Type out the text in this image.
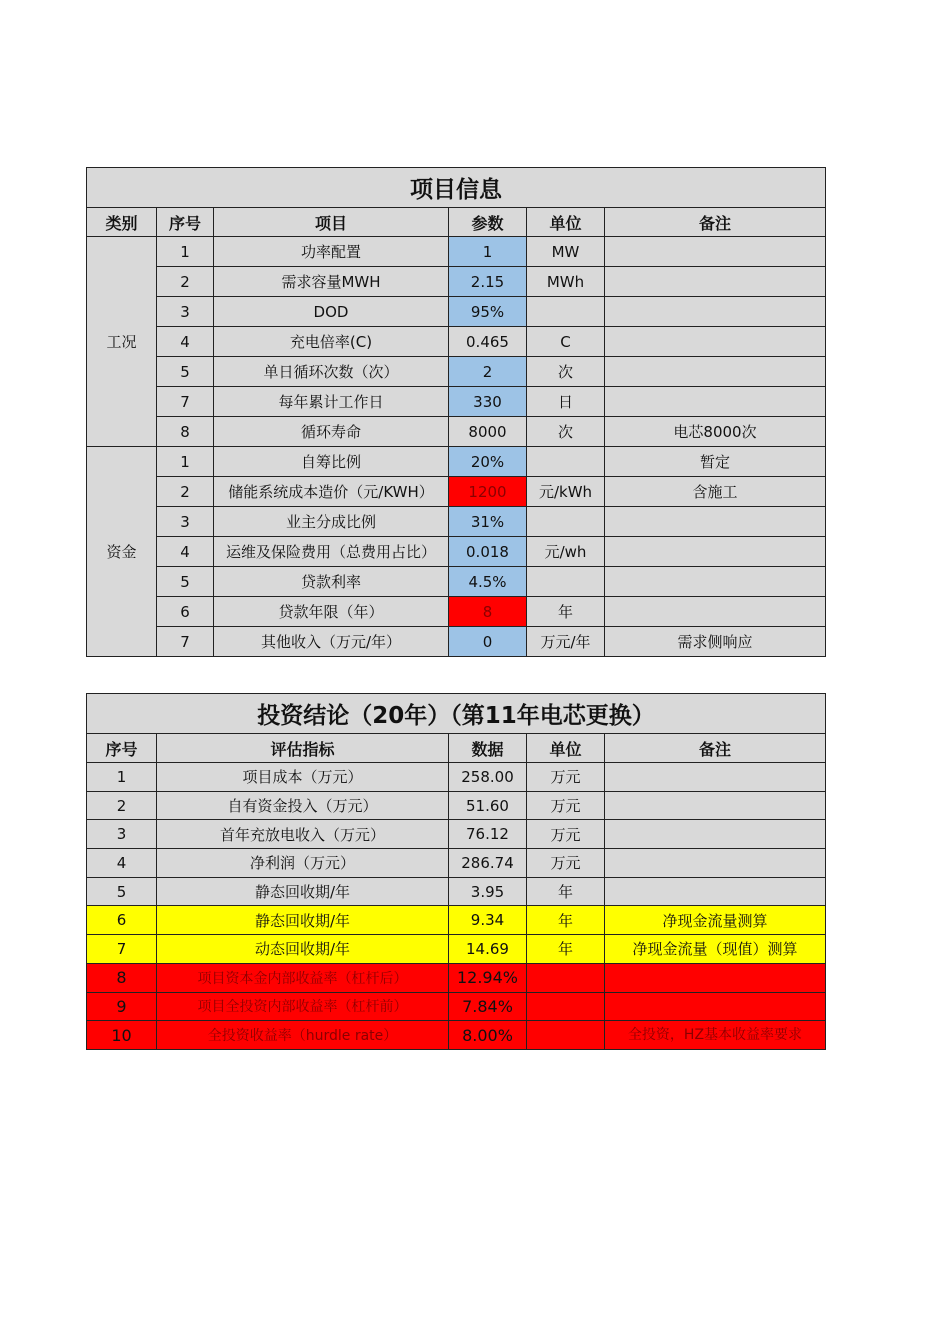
项目信息					
类别	序号	项目	参数	单位	备注
工况	1	功率配置	1	MW	
	2	需求容量MWH	2.15	MWh	
	3	DOD	95%		
	4	充电倍率(C)	0.465	C	
	5	单日循环次数（次）	2	次	
	7	每年累计工作日	330	日	
	8	循环寿命	8000	次	电芯8000次
资金	1	自筹比例	20%		暂定
	2	储能系统成本造价（元/KWH）	1200	元/kWh	含施工
	3	业主分成比例	31%		
	4	运维及保险费用（总费用占比）	0.018	元/wh	
	5	贷款利率	4.5%		
	6	贷款年限（年）	8	年	
	7	其他收入（万元/年）	0	万元/年	需求侧响应
投资结论（20年）（第11年电芯更换）				
序号	评估指标	数据	单位	备注
1	项目成本（万元）	258.00	万元	
2	自有资金投入（万元）	51.60	万元	
3	首年充放电收入（万元）	76.12	万元	
4	净利润（万元）	286.74	万元	
5	静态回收期/年	3.95	年	
6	静态回收期/年	9.34	年	净现金流量测算
7	动态回收期/年	14.69	年	净现金流量（现值）测算
8	项目资本金内部收益率（杠杆后）	12.94%		
9	项目全投资内部收益率（杠杆前）	7.84%		
10	全投资收益率（hurdle rate）	8.00%		全投资，HZ基本收益率要求
